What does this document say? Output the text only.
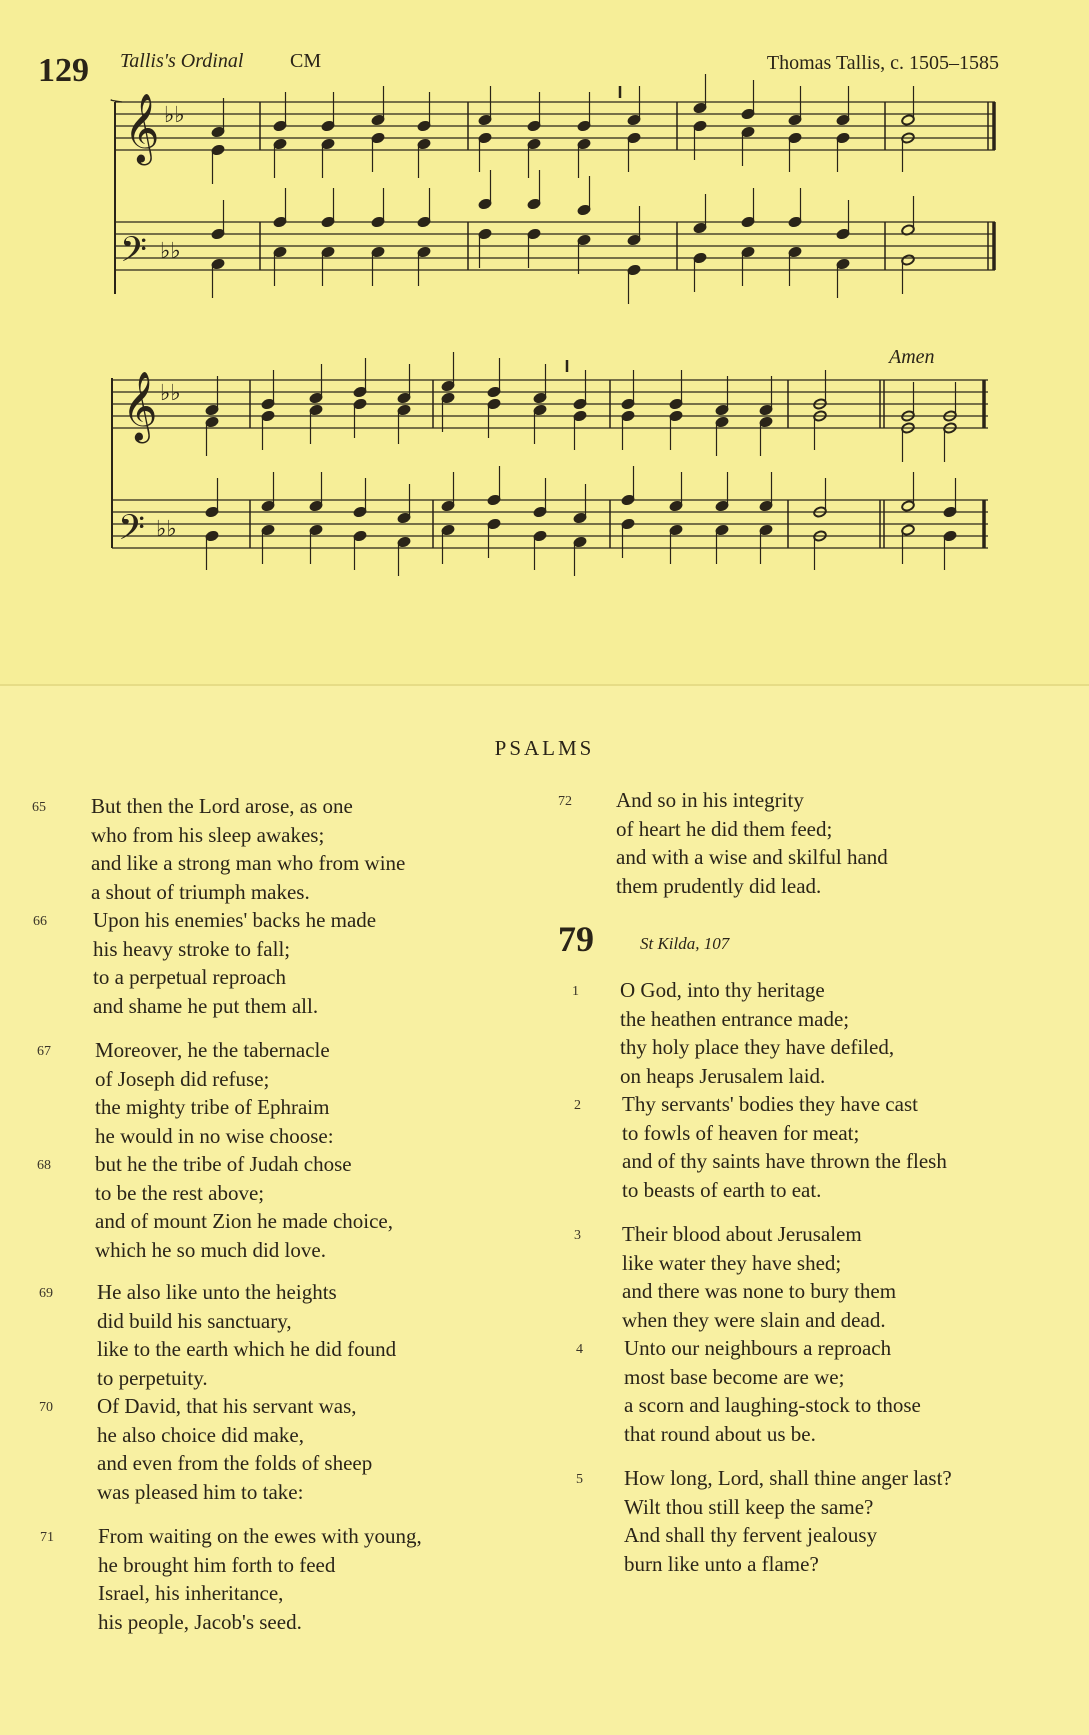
129 Tallis's Ordinal CM	Thomas Tallis, c. 1505–1585
𝄞
𝄢
♭♭
♭♭
𝄞
𝄢
♭♭
♭♭
Amen
PSALMS
65 But then the Lord arose, as one
who from his sleep awakes;
and like a strong man who from wine
a shout of triumph makes.
66 Upon his enemies' backs he made
his heavy stroke to fall;
to a perpetual reproach
and shame he put them all.
67 Moreover, he the tabernacle
of Joseph did refuse;
the mighty tribe of Ephraim
he would in no wise choose:
68 but he the tribe of Judah chose
to be the rest above;
and of mount Zion he made choice,
which he so much did love.
69 He also like unto the heights
did build his sanctuary,
like to the earth which he did found
to perpetuity.
70 Of David, that his servant was,
he also choice did make,
and even from the folds of sheep
was pleased him to take:
71 From waiting on the ewes with young,
he brought him forth to feed
Israel, his inheritance,
his people, Jacob's seed.
72 And so in his integrity
of heart he did them feed;
and with a wise and skilful hand
them prudently did lead.
79	St Kilda, 107
1 O God, into thy heritage
the heathen entrance made;
thy holy place they have defiled,
on heaps Jerusalem laid.
2 Thy servants' bodies they have cast
to fowls of heaven for meat;
and of thy saints have thrown the flesh
to beasts of earth to eat.
3 Their blood about Jerusalem
like water they have shed;
and there was none to bury them
when they were slain and dead.
4 Unto our neighbours a reproach
most base become are we;
a scorn and laughing-stock to those
that round about us be.
5 How long, Lord, shall thine anger last?
Wilt thou still keep the same?
And shall thy fervent jealousy
burn like unto a flame?
